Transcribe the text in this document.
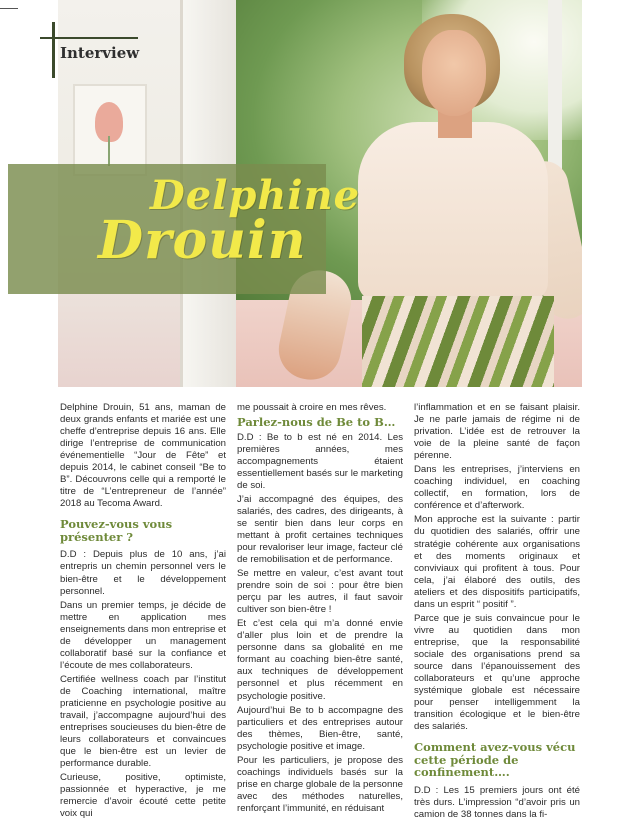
Interview
Delphine
Drouin

Delphine Drouin, 51 ans, maman de deux grands enfants et mariée est une cheffe d’entreprise depuis 16 ans. Elle dirige l’entreprise de communication événementielle “Jour de Fête” et depuis 2014, le cabinet conseil “Be to B”. Découvrons celle qui a remporté le titre de “L’entrepreneur de l’année” 2018 au Tecoma Award.

Pouvez-vous vous présenter ?

D.D : Depuis plus de 10 ans, j’ai entrepris un chemin personnel vers le bien-être et le développement personnel.

Dans un premier temps, je décide de mettre en application mes enseignements dans mon entreprise et de développer un management collaboratif basé sur la confiance et l’écoute de mes collaborateurs.

Certifiée wellness coach par l’institut de Coaching international, maître praticienne en psychologie positive au travail, j’accompagne aujourd’hui des entreprises soucieuses du bien-être de leurs collaborateurs et convaincues que le bien-être est un levier de performance durable.

Curieuse, positive, optimiste, passionnée et hyperactive, je me remercie d’avoir écouté cette petite voix qui

me poussait à croire en mes rêves.

Parlez-nous de Be to B…

D.D : Be to b est né en 2014. Les premières années, mes accompagnements étaient essentiellement basés sur le marketing de soi.

J’ai accompagné des équipes, des salariés, des cadres, des dirigeants, à se sentir bien dans leur corps en mettant à profit certaines techniques pour revaloriser leur image, facteur clé de remobilisation et de performance.

Se mettre en valeur, c’est avant tout prendre soin de soi : pour être bien perçu par les autres, il faut savoir cultiver son bien-être !

Et c’est cela qui m’a donné envie d’aller plus loin et de prendre la personne dans sa globalité en me formant au coaching bien-être santé, aux techniques de développement personnel et plus récemment en psychologie positive.

Aujourd’hui Be to b accompagne des particuliers et des entreprises autour des thèmes, Bien-être, santé, psychologie positive et image.

Pour les particuliers, je propose des coachings individuels basés sur la prise en charge globale de la personne avec des méthodes naturelles, renforçant l’immunité, en réduisant

l’inflammation et en se faisant plaisir. Je ne parle jamais de régime ni de privation. L’idée est de retrouver la voie de la pleine santé de façon pérenne.

Dans les entreprises, j’interviens en coaching individuel, en coaching collectif, en formation, lors de conférence et d’afterwork.

Mon approche est la suivante : partir du quotidien des salariés, offrir une stratégie cohérente aux organisations et des moments originaux et conviviaux qui profitent à tous. Pour cela, j’ai élaboré des outils, des ateliers et des dispositifs participatifs, dans un esprit “ positif ”.

Parce que je suis convaincue pour le vivre au quotidien dans mon entreprise, que la responsabilité sociale des organisations prend sa source dans l’épanouissement des collaborateurs et qu’une approche systémique globale est nécessaire pour penser intelligemment la transition écologique et le bien-être des salariés.

Comment avez-vous vécu cette période de confinement….

D.D : Les 15 premiers jours ont été très durs. L’impression “d’avoir pris un camion de 38 tonnes dans la fi-
